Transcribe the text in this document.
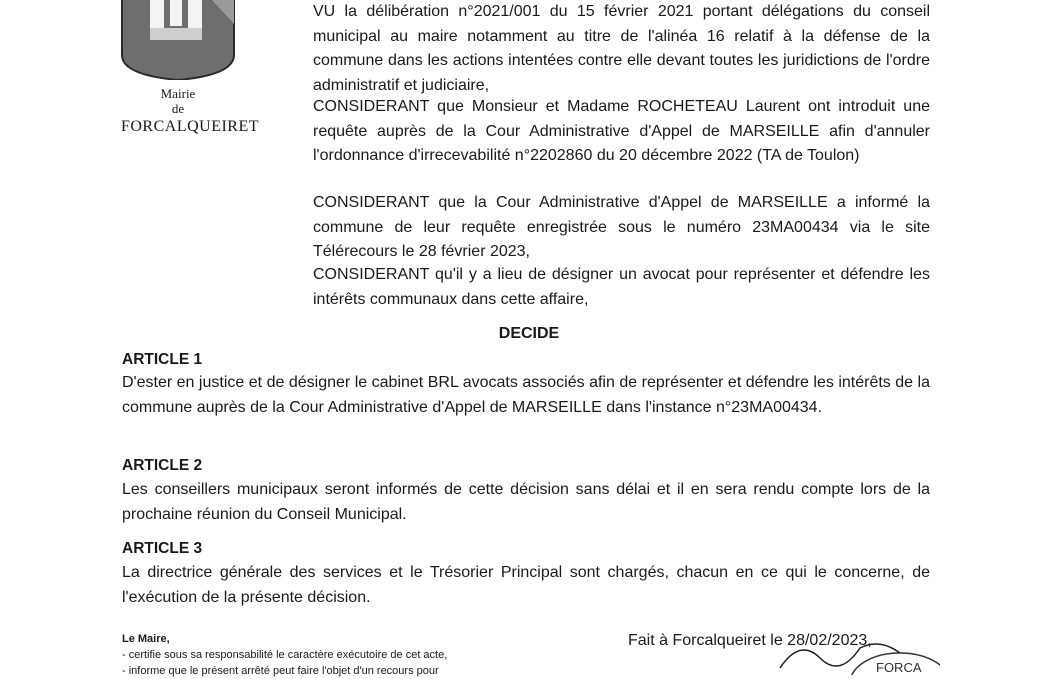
Mairie
de
FORCALQUEIRET
VU la délibération n°2021/001 du 15 février 2021 portant délégations du conseil municipal au maire notamment au titre de l'alinéa 16 relatif à la défense de la commune dans les actions intentées contre elle devant toutes les juridictions de l'ordre administratif et judiciaire,
CONSIDERANT que Monsieur et Madame ROCHETEAU Laurent ont introduit une requête auprès de la Cour Administrative d'Appel de MARSEILLE afin d'annuler l'ordonnance d'irrecevabilité n°2202860 du 20 décembre 2022 (TA de Toulon)
CONSIDERANT que la Cour Administrative d'Appel de MARSEILLE a informé la commune de leur requête enregistrée sous le numéro 23MA00434 via le site Télérecours le 28 février 2023,
CONSIDERANT qu'il y a lieu de désigner un avocat pour représenter et défendre les intérêts communaux dans cette affaire,
DECIDE
ARTICLE 1
D'ester en justice et de désigner le cabinet BRL avocats associés afin de représenter et défendre les intérêts de la commune auprès de la Cour Administrative d'Appel de MARSEILLE dans l'instance n°23MA00434.
ARTICLE 2
Les conseillers municipaux seront informés de cette décision sans délai et il en sera rendu compte lors de la prochaine réunion du Conseil Municipal.
ARTICLE 3
La directrice générale des services et le Trésorier Principal sont chargés, chacun en ce qui le concerne, de l'exécution de la présente décision.
Le Maire,
- certifie sous sa responsabilité le caractère exécutoire de cet acte,
- informe que le présent arrêté peut faire l'objet d'un recours pour
Fait à Forcalqueiret le 28/02/2023,
FORCA
